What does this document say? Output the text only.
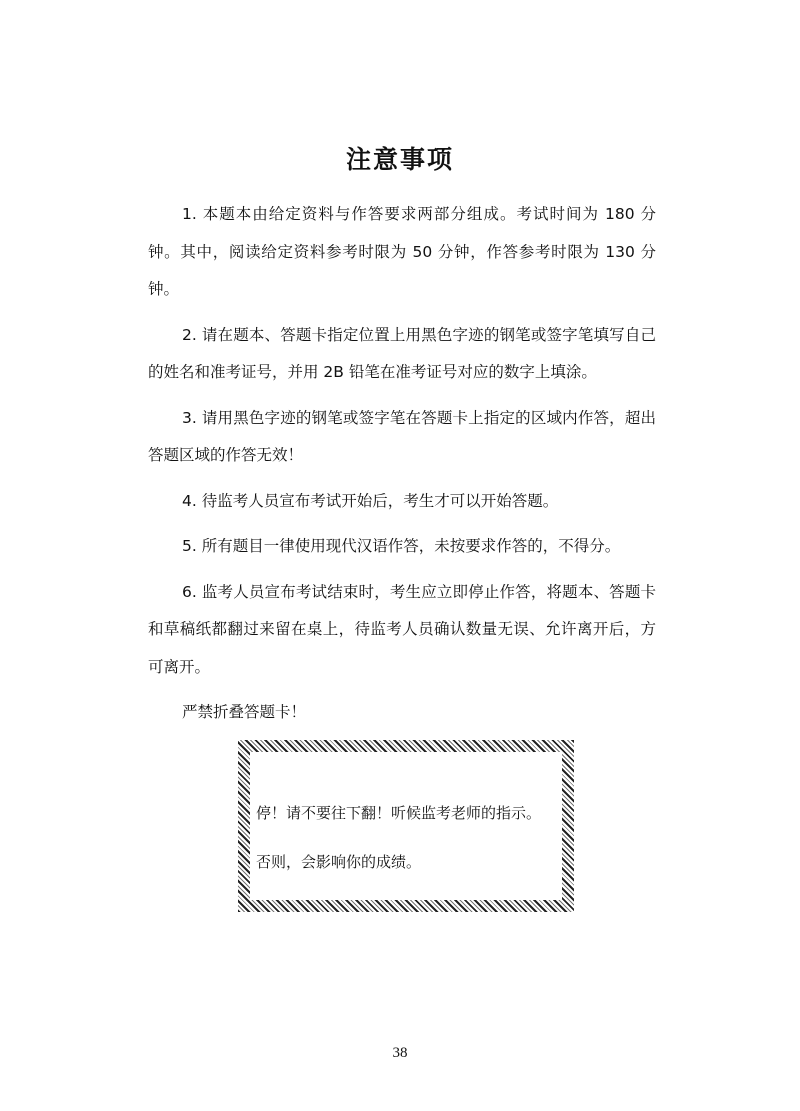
注意事项

1. 本题本由给定资料与作答要求两部分组成。考试时间为 180 分钟。其中，阅读给定资料参考时限为 50 分钟，作答参考时限为 130 分钟。

2. 请在题本、答题卡指定位置上用黑色字迹的钢笔或签字笔填写自己的姓名和准考证号，并用 2B 铅笔在准考证号对应的数字上填涂。

3. 请用黑色字迹的钢笔或签字笔在答题卡上指定的区域内作答，超出答题区域的作答无效！

4. 待监考人员宣布考试开始后，考生才可以开始答题。

5. 所有题目一律使用现代汉语作答，未按要求作答的，不得分。

6. 监考人员宣布考试结束时，考生应立即停止作答，将题本、答题卡和草稿纸都翻过来留在桌上，待监考人员确认数量无误、允许离开后，方可离开。

严禁折叠答题卡！

停！请不要往下翻！听候监考老师的指示。

否则，会影响你的成绩。

38
